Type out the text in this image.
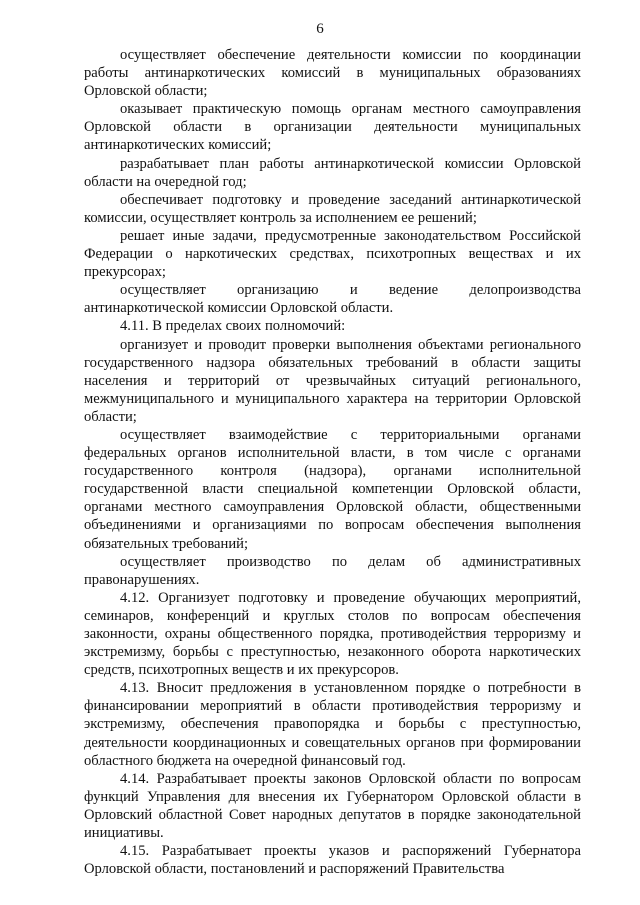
6

осуществляет обеспечение деятельности комиссии по координации работы антинаркотических комиссий в муниципальных образованиях Орловской области;

оказывает практическую помощь органам местного самоуправления Орловской области в организации деятельности муниципальных антинаркотических комиссий;

разрабатывает план работы антинаркотической комиссии Орловской области на очередной год;

обеспечивает подготовку и проведение заседаний антинаркотической комиссии, осуществляет контроль за исполнением ее решений;

решает иные задачи, предусмотренные законодательством Российской Федерации о наркотических средствах, психотропных веществах и их прекурсорах;

осуществляет организацию и ведение делопроизводства антинаркотической комиссии Орловской области.

4.11. В пределах своих полномочий:

организует и проводит проверки выполнения объектами регионального государственного надзора обязательных требований в области защиты населения и территорий от чрезвычайных ситуаций регионального, межмуниципального и муниципального характера на территории Орловской области;

осуществляет взаимодействие с территориальными органами федеральных органов исполнительной власти, в том числе с органами государственного контроля (надзора), органами исполнительной государственной власти специальной компетенции Орловской области, органами местного самоуправления Орловской области, общественными объединениями и организациями по вопросам обеспечения выполнения обязательных требований;

осуществляет производство по делам об административных правонарушениях.

4.12. Организует подготовку и проведение обучающих мероприятий, семинаров, конференций и круглых столов по вопросам обеспечения законности, охраны общественного порядка, противодействия терроризму и экстремизму, борьбы с преступностью, незаконного оборота наркотических средств, психотропных веществ и их прекурсоров.

4.13. Вносит предложения в установленном порядке о потребности в финансировании мероприятий в области противодействия терроризму и экстремизму, обеспечения правопорядка и борьбы с преступностью, деятельности координационных и совещательных органов при формировании областного бюджета на очередной финансовый год.

4.14. Разрабатывает проекты законов Орловской области по вопросам функций Управления для внесения их Губернатором Орловской области в Орловский областной Совет народных депутатов в порядке законодательной инициативы.

4.15. Разрабатывает проекты указов и распоряжений Губернатора Орловской области, постановлений и распоряжений Правительства
